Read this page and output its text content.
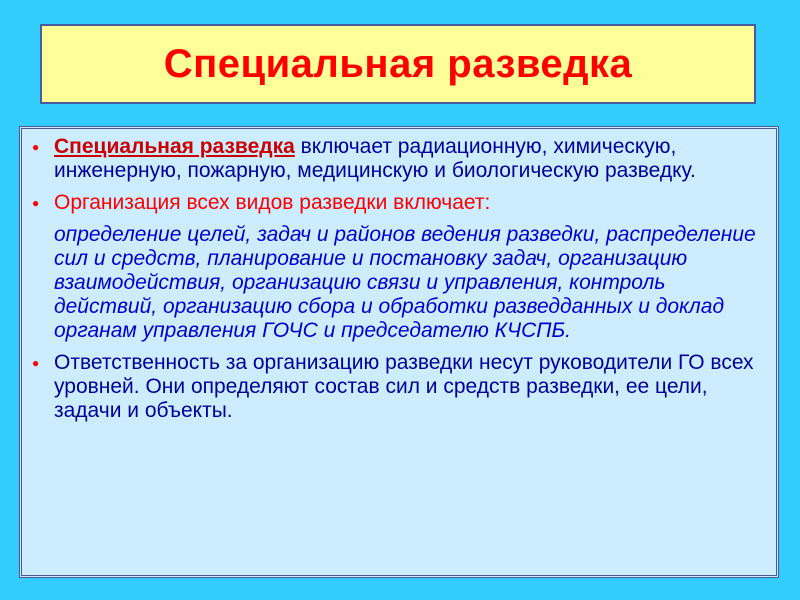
Специальная разведка
● Специальная разведка включает радиационную, химическую, инженерную, пожарную, медицинскую и биологическую разведку.
● Организация всех видов разведки включает:
определение целей, задач и районов ведения разведки, распределение сил и средств, планирование и постановку задач, организацию взаимодействия, организацию связи и управления, контроль действий, организацию сбора и обработки разведданных и доклад органам управления ГОЧС и председателю КЧСПБ.
● Ответственность за организацию разведки несут руководители ГО всех уровней. Они определяют состав сил и средств разведки, ее цели, задачи и объекты.
